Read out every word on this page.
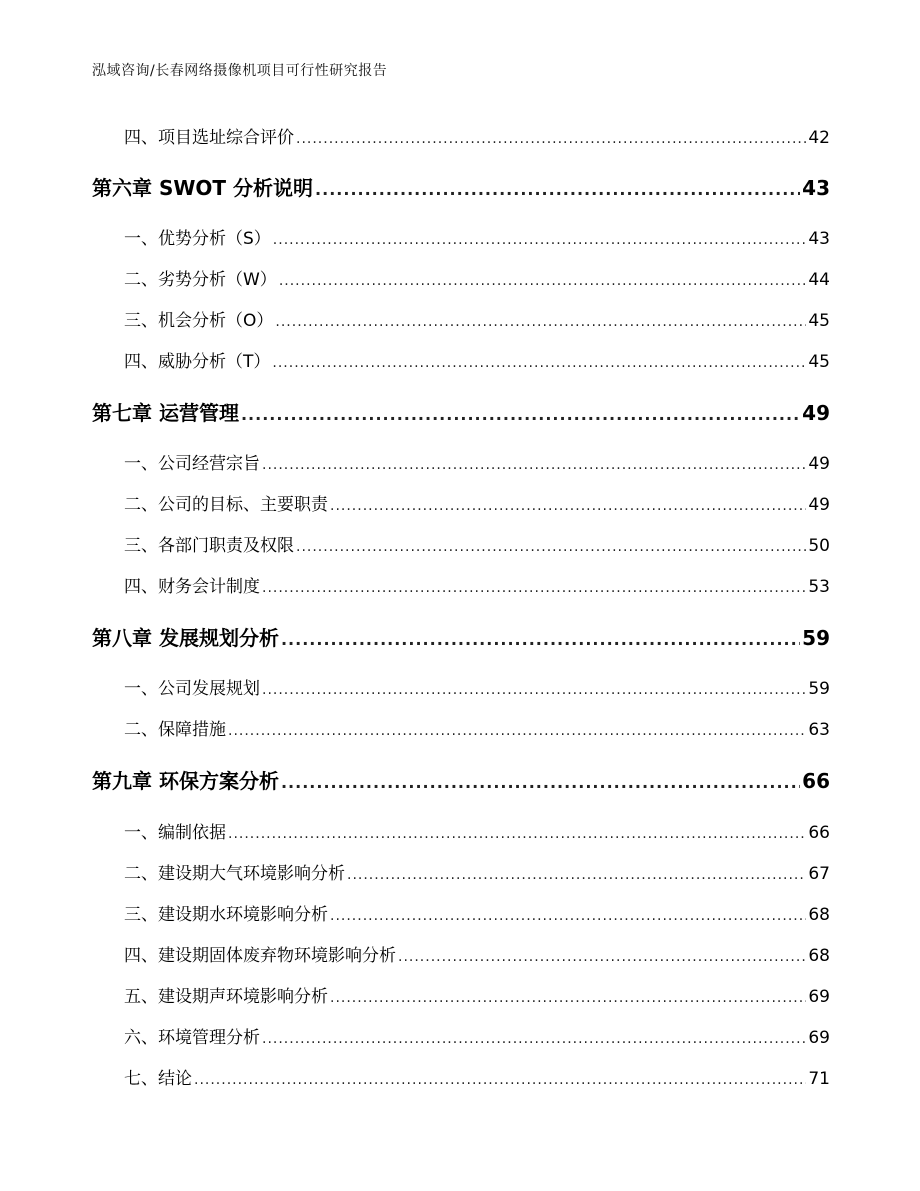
泓域咨询/长春网络摄像机项目可行性研究报告
四、 项目选址综合评价 .....	42
第六章 SWOT 分析说明 .....	43
一、 优势分析（S） .....	43
二、 劣势分析（W） .....	44
三、 机会分析（O） .....	45
四、 威胁分析（T） .....	45
第七章 运营管理 .....	49
一、 公司经营宗旨 .....	49
二、 公司的目标、主要职责 .....	49
三、 各部门职责及权限 .....	50
四、 财务会计制度 .....	53
第八章 发展规划分析 .....	59
一、 公司发展规划 .....	59
二、 保障措施 .....	63
第九章 环保方案分析 .....	66
一、 编制依据 .....	66
二、 建设期大气环境影响分析 .....	67
三、 建设期水环境影响分析 .....	68
四、 建设期固体废弃物环境影响分析 .....	68
五、 建设期声环境影响分析 .....	69
六、 环境管理分析 .....	69
七、 结论 .....	71
